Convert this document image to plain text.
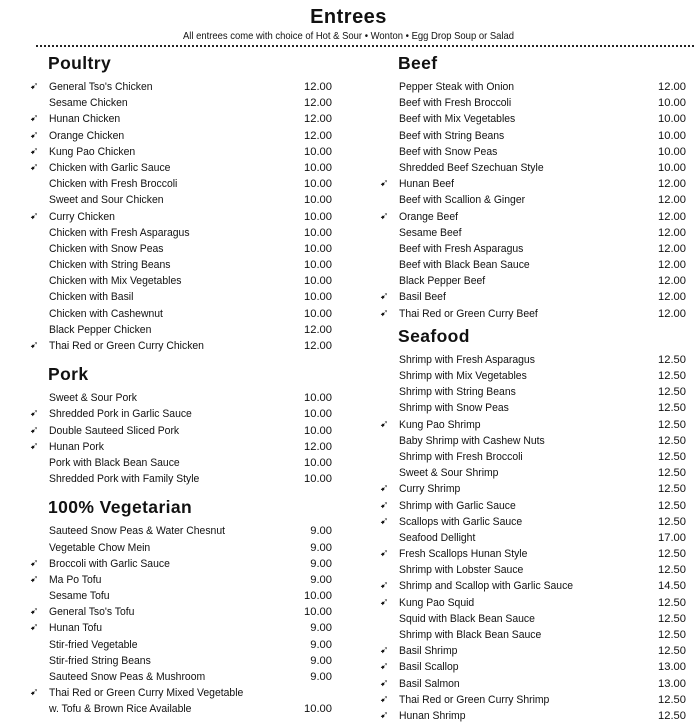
Entrees
All entrees come with choice of Hot & Sour • Wonton • Egg Drop Soup or Salad
Poultry
➹ General Tso's Chicken	12.00
Sesame Chicken	12.00
➹ Hunan Chicken	12.00
➹ Orange Chicken	12.00
➹ Kung Pao Chicken	10.00
➹ Chicken with Garlic Sauce	10.00
Chicken with Fresh Broccoli	10.00
Sweet and Sour Chicken	10.00
➹ Curry Chicken	10.00
Chicken with Fresh Asparagus	10.00
Chicken with Snow Peas	10.00
Chicken with String Beans	10.00
Chicken with Mix Vegetables	10.00
Chicken with Basil	10.00
Chicken with Cashewnut	10.00
Black Pepper Chicken	12.00
➹ Thai Red or Green Curry Chicken	12.00
Pork
Sweet & Sour Pork	10.00
➹ Shredded Pork in Garlic Sauce	10.00
➹ Double Sauteed Sliced Pork	10.00
➹ Hunan Pork	12.00
Pork with Black Bean Sauce	10.00
Shredded Pork with Family Style	10.00
100% Vegetarian
Sauteed Snow Peas & Water Chesnut	9.00
Vegetable Chow Mein	9.00
➹ Broccoli with Garlic Sauce	9.00
➹ Ma Po Tofu	9.00
Sesame Tofu	10.00
➹ General Tso's Tofu	10.00
➹ Hunan Tofu	9.00
Stir-fried Vegetable	9.00
Stir-fried String Beans	9.00
Sauteed Snow Peas & Mushroom	9.00
➹ Thai Red or Green Curry Mixed Vegetable
w. Tofu & Brown Rice Available	10.00
Beef
Pepper Steak with Onion	12.00
Beef with Fresh Broccoli	10.00
Beef with Mix Vegetables	10.00
Beef with String Beans	10.00
Beef with Snow Peas	10.00
Shredded Beef Szechuan Style	10.00
➹ Hunan Beef	12.00
Beef with Scallion & Ginger	12.00
➹ Orange Beef	12.00
Sesame Beef	12.00
Beef with Fresh Asparagus	12.00
Beef with Black Bean Sauce	12.00
Black Pepper Beef	12.00
➹ Basil Beef	12.00
➹ Thai Red or Green Curry Beef	12.00
Seafood
Shrimp with Fresh Asparagus	12.50
Shrimp with Mix Vegetables	12.50
Shrimp with String Beans	12.50
Shrimp with Snow Peas	12.50
➹ Kung Pao Shrimp	12.50
Baby Shrimp with Cashew Nuts	12.50
Shrimp with Fresh Broccoli	12.50
Sweet & Sour Shrimp	12.50
➹ Curry Shrimp	12.50
➹ Shrimp with Garlic Sauce	12.50
➹ Scallops with Garlic Sauce	12.50
Seafood Dellight	17.00
➹ Fresh Scallops Hunan Style	12.50
Shrimp with Lobster Sauce	12.50
➹ Shrimp and Scallop with Garlic Sauce	14.50
➹ Kung Pao Squid	12.50
Squid with Black Bean Sauce	12.50
Shrimp with Black Bean Sauce	12.50
➹ Basil Shrimp	12.50
➹ Basil Scallop	13.00
➹ Basil Salmon	13.00
➹ Thai Red or Green Curry Shrimp	12.50
➹ Hunan Shrimp	12.50
